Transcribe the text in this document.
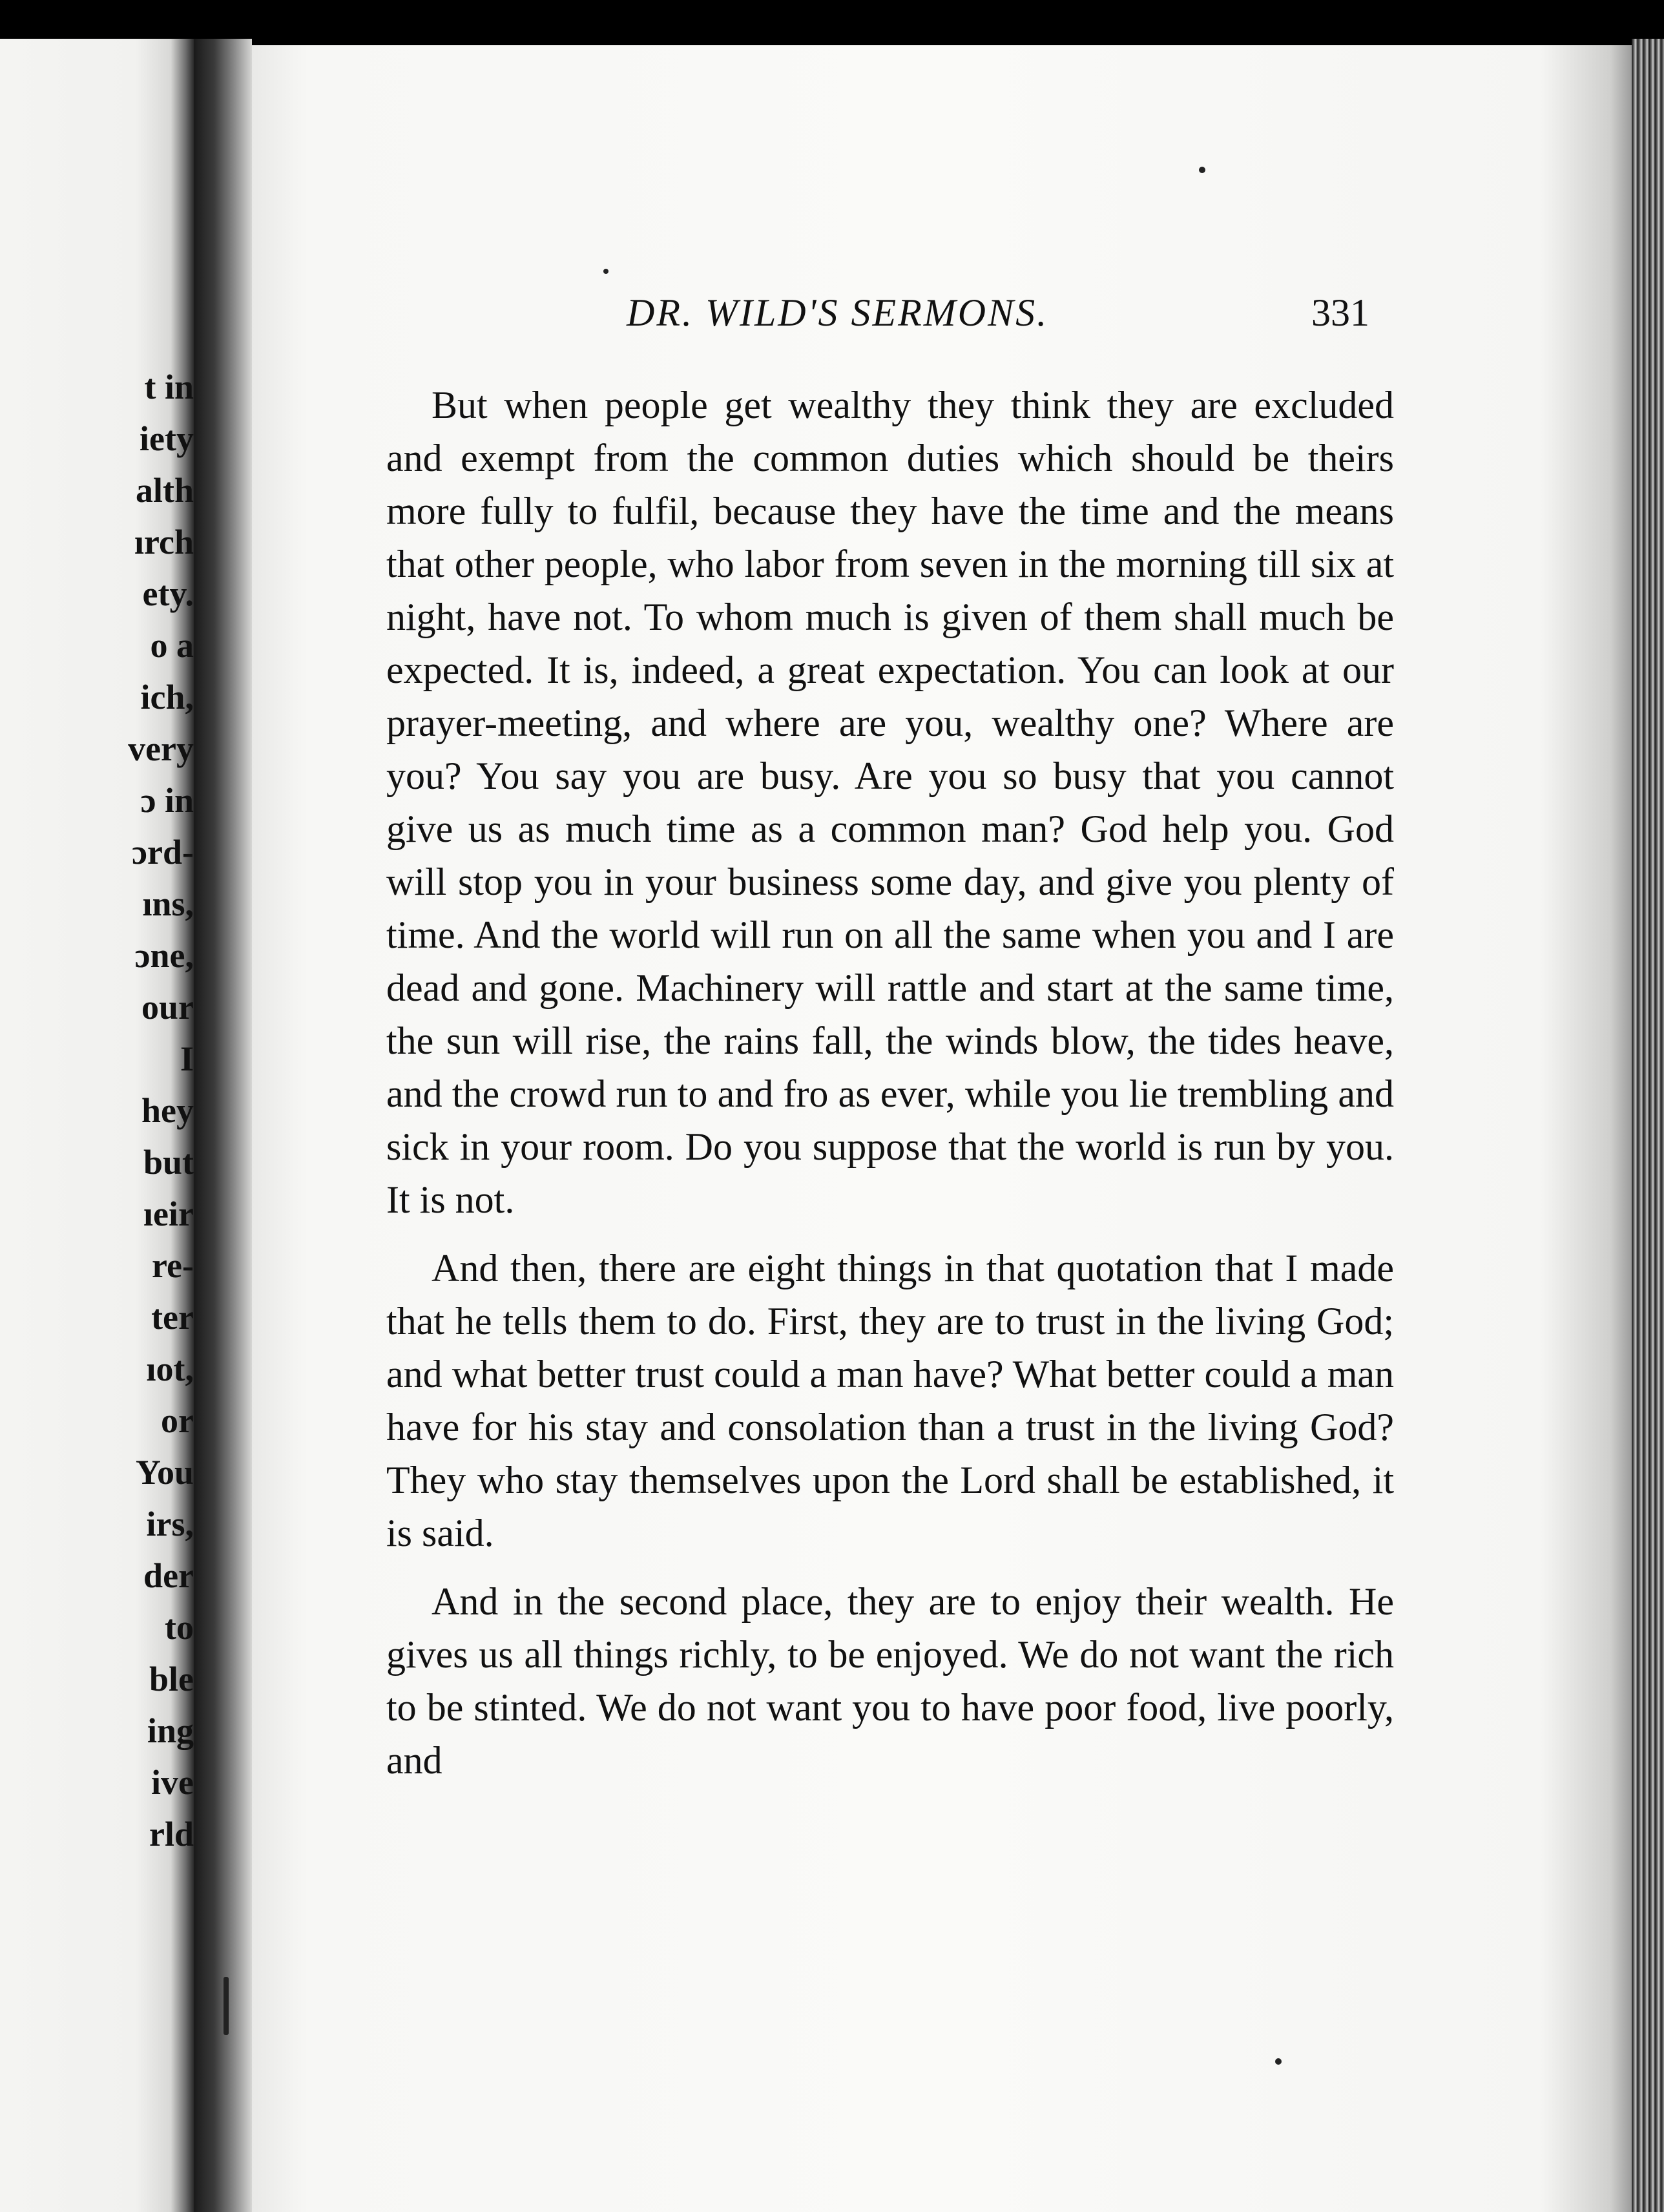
t in
iety
alth
ırch
ety.
o a
ich,
very
ɔ in
ɔrd-
ıns,
ɔne,
our
I
hey
but
ıeir
re-
ter
ıot,
or
You
irs,
der
to
ble
ing
ive
rld
DR. WILD'S SERMONS.	331

But when people get wealthy they think they are excluded and exempt from the common duties which should be theirs more fully to fulfil, because they have the time and the means that other people, who labor from seven in the morning till six at night, have not. To whom much is given of them shall much be expected. It is, indeed, a great expectation. You can look at our prayer-meeting, and where are you, wealthy one? Where are you? You say you are busy. Are you so busy that you cannot give us as much time as a common man? God help you. God will stop you in your business some day, and give you plenty of time. And the world will run on all the same when you and I are dead and gone. Machinery will rattle and start at the same time, the sun will rise, the rains fall, the winds blow, the tides heave, and the crowd run to and fro as ever, while you lie trembling and sick in your room. Do you suppose that the world is run by you. It is not.

And then, there are eight things in that quotation that I made that he tells them to do. First, they are to trust in the living God; and what better trust could a man have? What better could a man have for his stay and consolation than a trust in the living God? They who stay themselves upon the Lord shall be established, it is said.

And in the second place, they are to enjoy their wealth. He gives us all things richly, to be enjoyed. We do not want the rich to be stinted. We do not want you to have poor food, live poorly, and
